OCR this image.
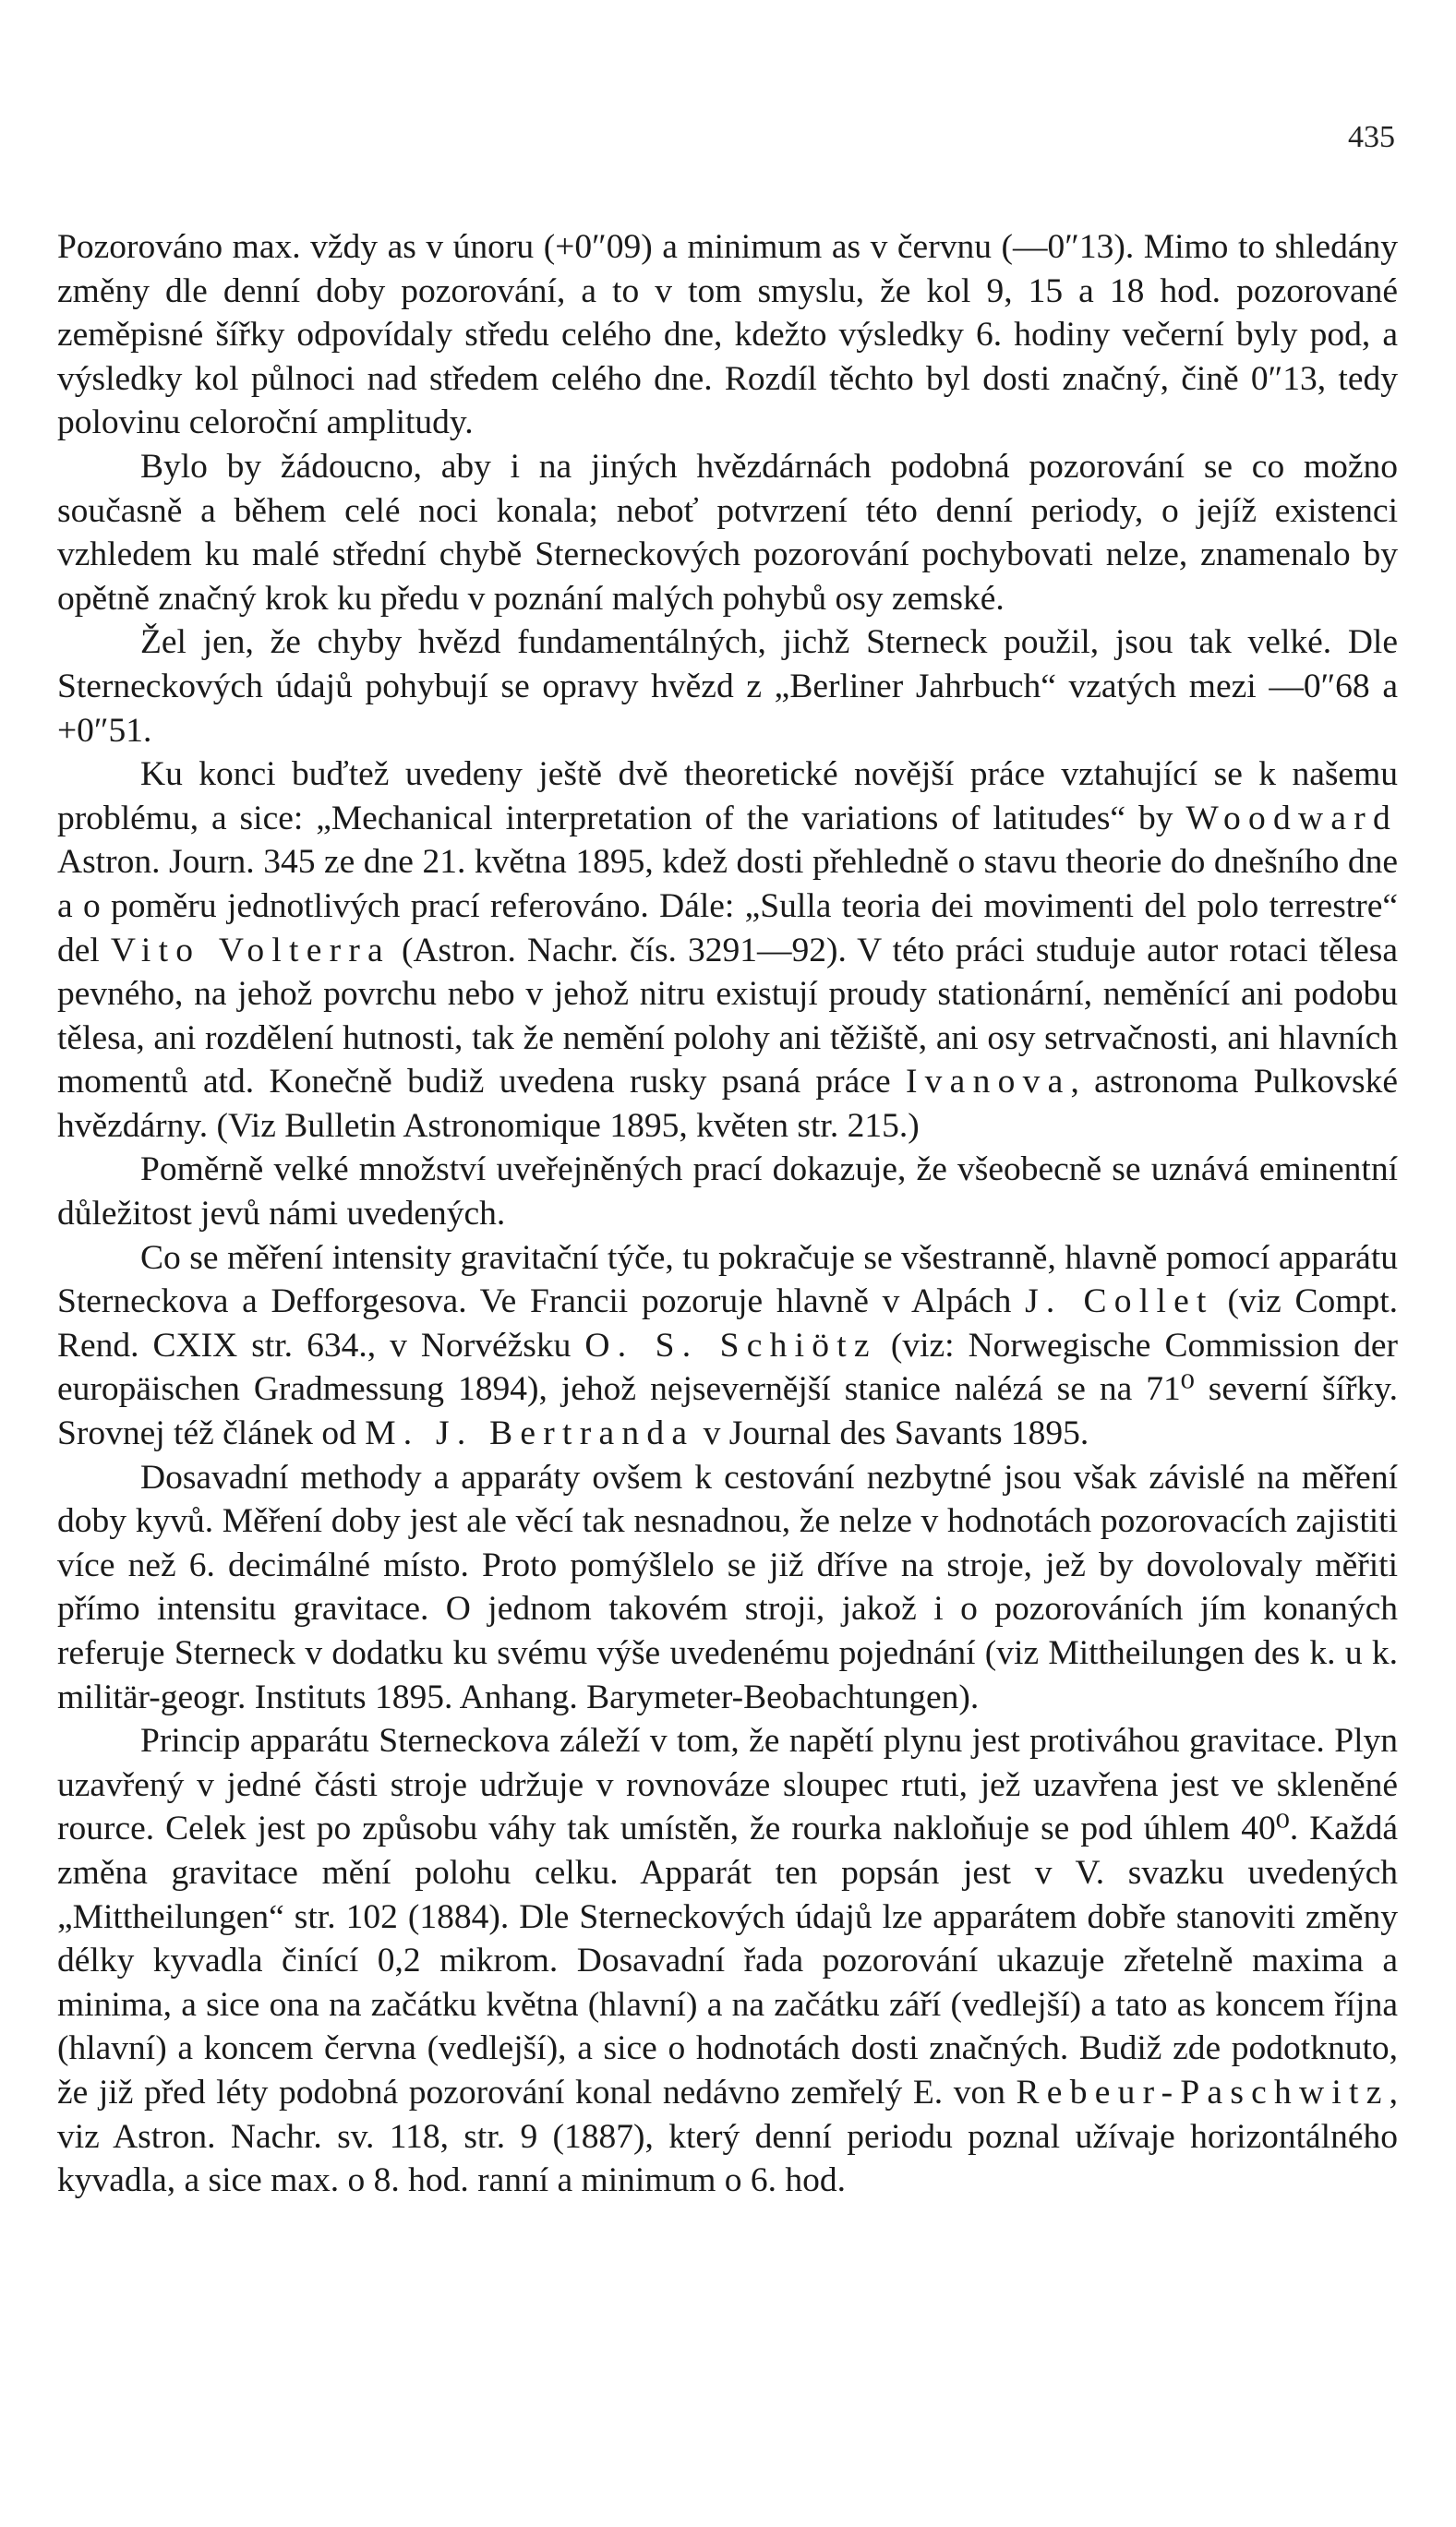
435

Pozorováno max. vždy as v únoru (+0″09) a minimum as v červnu (—0″13). Mimo to shledány změny dle denní doby pozorování, a to v tom smyslu, že kol 9, 15 a 18 hod. pozorované zeměpisné šířky odpovídaly středu celého dne, kdežto výsledky 6. hodiny večerní byly pod, a výsledky kol půlnoci nad středem celého dne. Rozdíl těchto byl dosti značný, čině 0″13, tedy polovinu celoroční amplitudy.

Bylo by žádoucno, aby i na jiných hvězdárnách podobná pozorování se co možno současně a během celé noci konala; neboť potvrzení této denní periody, o jejíž existenci vzhledem ku malé střední chybě Sterneckových pozorování pochybovati nelze, znamenalo by opětně značný krok ku předu v poznání malých pohybů osy zemské.

Žel jen, že chyby hvězd fundamentálných, jichž Sterneck použil, jsou tak velké. Dle Sterneckových údajů pohybují se opravy hvězd z „Berliner Jahrbuch“ vzatých mezi —0″68 a +0″51.

Ku konci buďtež uvedeny ještě dvě theoretické novější práce vztahující se k našemu problému, a sice: „Mechanical interpretation of the variations of latitudes“ by Woodward Astron. Journ. 345 ze dne 21. května 1895, kdež dosti přehledně o stavu theorie do dnešního dne a o poměru jednotlivých prací referováno. Dále: „Sulla teoria dei movimenti del polo terrestre“ del Vito Volterra (Astron. Nachr. čís. 3291—92). V této práci studuje autor rotaci tělesa pevného, na jehož povrchu nebo v jehož nitru existují proudy stationární, neměnící ani podobu tělesa, ani rozdělení hutnosti, tak že nemění polohy ani těžiště, ani osy setrvačnosti, ani hlavních momentů atd. Konečně budiž uvedena rusky psaná práce Ivanova, astronoma Pulkovské hvězdárny. (Viz Bulletin Astronomique 1895, květen str. 215.)

Poměrně velké množství uveřejněných prací dokazuje, že všeobecně se uznává eminentní důležitost jevů námi uvedených.

Co se měření intensity gravitační týče, tu pokračuje se všestranně, hlavně pomocí apparátu Sterneckova a Defforgesova. Ve Francii pozoruje hlavně v Alpách J. Collet (viz Compt. Rend. CXIX str. 634., v Norvéžsku O. S. Schiötz (viz: Norwegische Commission der europäischen Gradmessung 1894), jehož nejsevernější stanice nalézá se na 71⁰ severní šířky. Srovnej též článek od M. J. Bertranda v Journal des Savants 1895.

Dosavadní methody a apparáty ovšem k cestování nezbytné jsou však závislé na měření doby kyvů. Měření doby jest ale věcí tak nesnadnou, že nelze v hodnotách pozorovacích zajistiti více než 6. decimálné místo. Proto pomýšlelo se již dříve na stroje, jež by dovolovaly měřiti přímo intensitu gravitace. O jednom takovém stroji, jakož i o pozorováních jím konaných referuje Sterneck v dodatku ku svému výše uvedenému pojednání (viz Mittheilungen des k. u k. militär-geogr. Instituts 1895. Anhang. Barymeter-Beobachtungen).

Princip apparátu Sterneckova záleží v tom, že napětí plynu jest protiváhou gravitace. Plyn uzavřený v jedné části stroje udržuje v rovnováze sloupec rtuti, jež uzavřena jest ve skleněné rource. Celek jest po způsobu váhy tak umístěn, že rourka nakloňuje se pod úhlem 40⁰. Každá změna gravitace mění polohu celku. Apparát ten popsán jest v V. svazku uvedených „Mittheilungen“ str. 102 (1884). Dle Sterneckových údajů lze apparátem dobře stanoviti změny délky kyvadla činící 0,2 mikrom. Dosavadní řada pozorování ukazuje zřetelně maxima a minima, a sice ona na začátku května (hlavní) a na začátku září (vedlejší) a tato as koncem října (hlavní) a koncem června (vedlejší), a sice o hodnotách dosti značných. Budiž zde podotknuto, že již před léty podobná pozorování konal nedávno zemřelý E. von Rebeur-Paschwitz, viz Astron. Nachr. sv. 118, str. 9 (1887), který denní periodu poznal užívaje horizontálného kyvadla, a sice max. o 8. hod. ranní a minimum o 6. hod.
